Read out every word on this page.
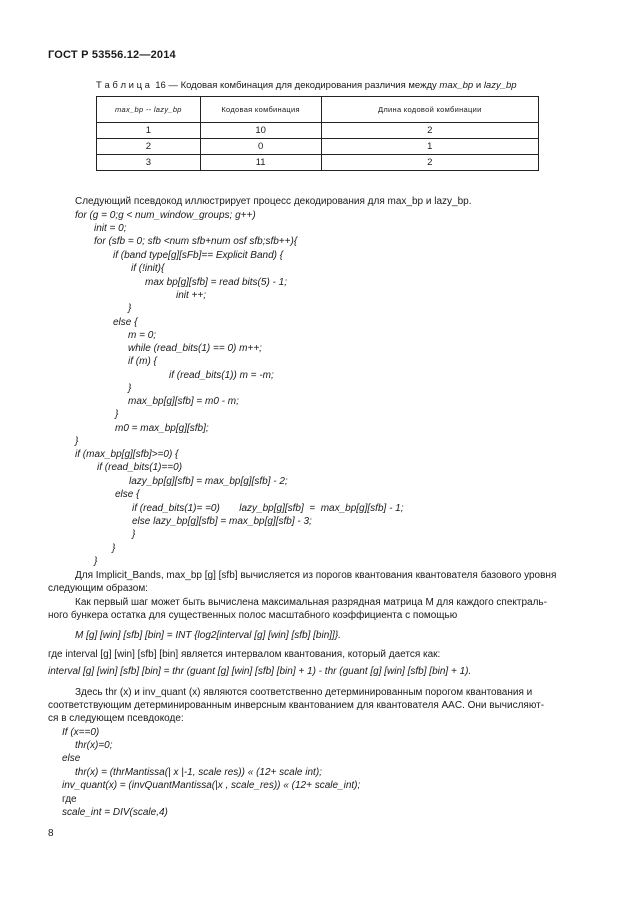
ГОСТ Р 53556.12—2014
Т а б л и ц а  16 — Кодовая комбинация для декодирования различия между max_bp и lazy_bp
max_bp -- lazy_bp	Кодовая комбинация	Длина кодовой комбинации
1	10	2
2	0	1
3	11	2
Следующий псевдокод иллюстрирует процесс декодирования для max_bp и lazy_bp.
for (g = 0;g < num_window_groups; g++)
init = 0;
for (sfb = 0; sfb <num sfb+num osf sfb;sfb++){
if (band type[g][sFb]== Explicit Band) {
if (!init){
max bp[g][sfb] = read bits(5) - 1;
init ++;
}
else {
m = 0;
while (read_bits(1) == 0) m++;
if (m) {
if (read_bits(1)) m = -m;
}
max_bp[g][sfb] = m0 - m;
}
m0 = max_bp[g][sfb];
}
if (max_bp[g][sfb]>=0) {
if (read_bits(1)==0)
lazy_bp[g][sfb] = max_bp[g][sfb] - 2;
else {
if (read_bits(1)= =0)       lazy_bp[g][sfb]  =  max_bp[g][sfb] - 1;
else lazy_bp[g][sfb] = max_bp[g][sfb] - 3;
}
}
}
Для Implicit_Bands, max_bp [g] [sfb] вычисляется из порогов квантования квантователя базового уровня
следующим образом:
Как первый шаг может быть вычислена максимальная разрядная матрица M для каждого спектраль-
ного бункера остатка для существенных полос масштабного коэффициента с помощью
M [g] [win] [sfb] [bin] = INT {log2[interval [g] [win] [sfb] [bin]]}.
где interval [g] [win] [sfb] [bin] является интервалом квантования, который дается как:
interval [g] [win] [sfb] [bin] = thr (guant [g] [win] [sfb] [bin] + 1) - thr (guant [g] [win] [sfb] [bin] + 1).
Здесь thr (x) и inv_quant (x) являются соответственно детерминированным порогом квантования и
соответствующим детерминированным инверсным квантованием для квантователя AAC. Они вычисляют-
ся в следующем псевдокоде:
If (x==0)
thr(x)=0;
else
thr(x) = (thrMantissa(| x |-1, scale res)) « (12+ scale int);
inv_quant(x) = (invQuantMantissa(|x , scale_res)) « (12+ scale_int);
где
scale_int = DIV(scale,4)
8
